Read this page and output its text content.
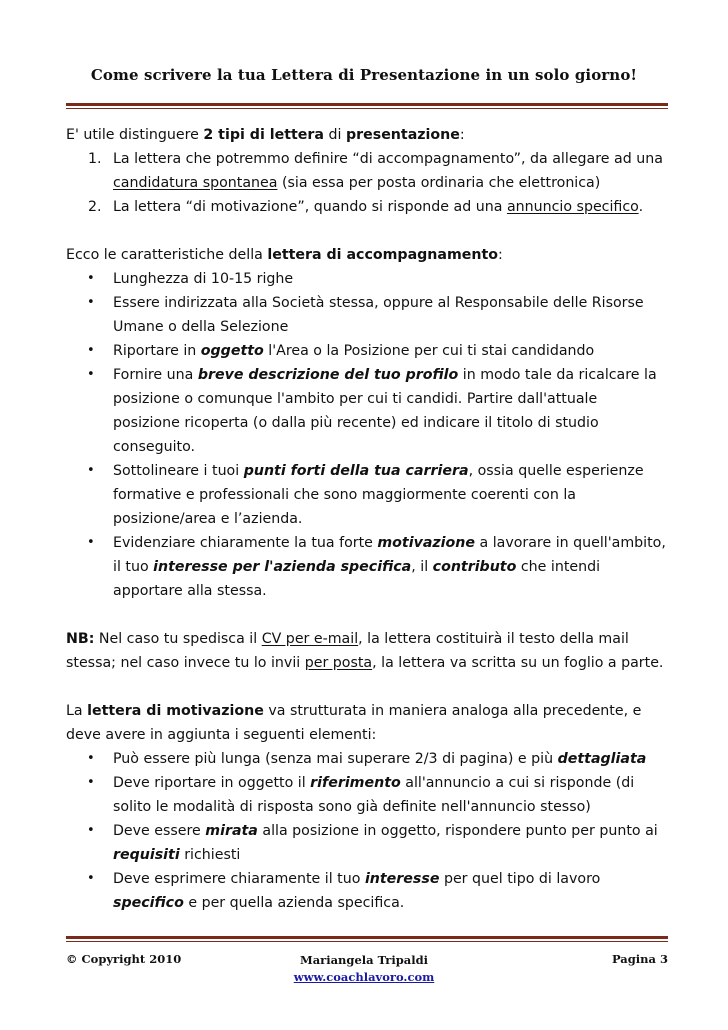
Come scrivere la tua Lettera di Presentazione in un solo giorno!

E' utile distinguere 2 tipi di lettera di presentazione:

1. La lettera che potremmo definire “di accompagnamento”, da allegare ad una candidatura spontanea (sia essa per posta ordinaria che elettronica)
2. La lettera “di motivazione”, quando si risponde ad una annuncio specifico.

Ecco le caratteristiche della lettera di accompagnamento:

• Lunghezza di 10-15 righe
• Essere indirizzata alla Società stessa, oppure al Responsabile delle Risorse Umane o della Selezione
• Riportare in oggetto l'Area o la Posizione per cui ti stai candidando
• Fornire una breve descrizione del tuo profilo in modo tale da ricalcare la posizione o comunque l'ambito per cui ti candidi. Partire dall'attuale posizione ricoperta (o dalla più recente) ed indicare il titolo di studio conseguito.
• Sottolineare i tuoi punti forti della tua carriera, ossia quelle esperienze formative e professionali che sono maggiormente coerenti con la posizione/area e l’azienda.
• Evidenziare chiaramente la tua forte motivazione a lavorare in quell'ambito, il tuo interesse per l'azienda specifica, il contributo che intendi apportare alla stessa.

NB: Nel caso tu spedisca il CV per e-mail, la lettera costituirà il testo della mail stessa; nel caso invece tu lo invii per posta, la lettera va scritta su un foglio a parte.

La lettera di motivazione va strutturata in maniera analoga alla precedente, e deve avere in aggiunta i seguenti elementi:

• Può essere più lunga (senza mai superare 2/3 di pagina) e più dettagliata
• Deve riportare in oggetto il riferimento all'annuncio a cui si risponde (di solito le modalità di risposta sono già definite nell'annuncio stesso)
• Deve essere mirata alla posizione in oggetto, rispondere punto per punto ai requisiti richiesti
• Deve esprimere chiaramente il tuo interesse per quel tipo di lavoro specifico e per quella azienda specifica.
Mariangela Tripaldi
www.coachlavoro.com
© Copyright 2010	Pagina 3
